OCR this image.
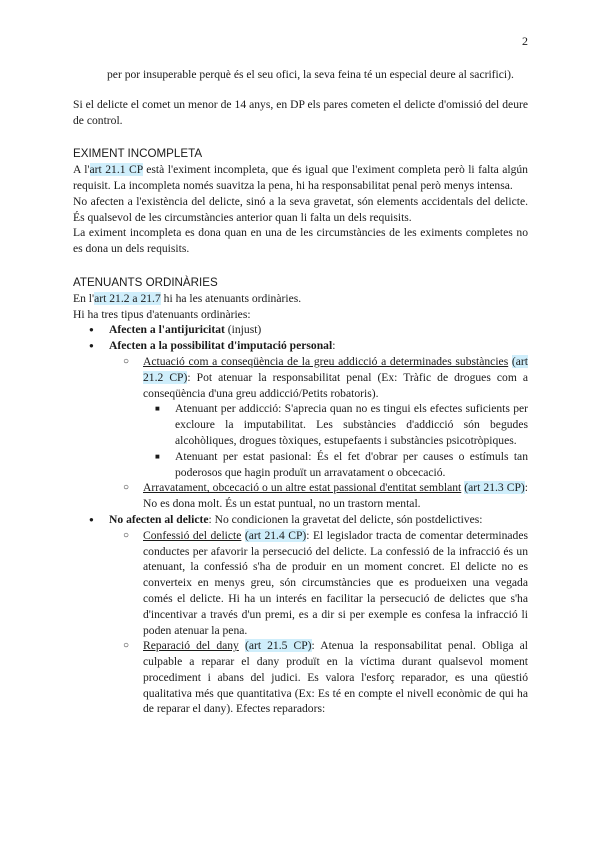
2

per por insuperable perquè és el seu ofici, la seva feina té un especial deure al sacrifici).

Si el delicte el comet un menor de 14 anys, en DP els pares cometen el delicte d'omissió del deure de control.

EXIMENT INCOMPLETA

A l'art 21.1 CP està l'eximent incompleta, que és igual que l'eximent completa però li falta algún requisit. La incompleta només suavitza la pena, hi ha responsabilitat penal però menys intensa.

No afecten a l'existència del delicte, sinó a la seva gravetat, són elements accidentals del delicte. És qualsevol de les circumstàncies anterior quan li falta un dels requisits.

La eximent incompleta es dona quan en una de les circumstàncies de les eximents completes no es dona un dels requisits.

ATENUANTS ORDINÀRIES

En l'art 21.2 a 21.7 hi ha les atenuants ordinàries.

Hi ha tres tipus d'atenuants ordinàries:

● Afecten a l'antijuricitat (injust)
● Afecten a la possibilitat d'imputació personal:

○ Actuació com a conseqüència de la greu addicció a determinades substàncies (art 21.2 CP): Pot atenuar la responsabilitat penal (Ex: Tràfic de drogues com a conseqüència d'una greu addicció/Petits robatoris).

■ Atenuant per addicció: S'aprecia quan no es tingui els efectes suficients per excloure la imputabilitat. Les substàncies d'addicció són begudes alcohòliques, drogues tòxiques, estupefaents i substàncies psicotròpiques.

■ Atenuant per estat pasional: És el fet d'obrar per causes o estímuls tan poderosos que hagin produït un arravatament o obcecació.

○ Arravatament, obcecació o un altre estat passional d'entitat semblant (art 21.3 CP): No es dona molt. És un estat puntual, no un trastorn mental.

● No afecten al delicte: No condicionen la gravetat del delicte, són postdelictives:

○ Confessió del delicte (art 21.4 CP): El legislador tracta de comentar determinades conductes per afavorir la persecució del delicte. La confessió de la infracció és un atenuant, la confessió s'ha de produir en un moment concret. El delicte no es converteix en menys greu, són circumstàncies que es produeixen una vegada comés el delicte. Hi ha un interés en facilitar la persecució de delictes que s'ha d'incentivar a través d'un premi, es a dir si per exemple es confesa la infracció li poden atenuar la pena.

○ Reparació del dany (art 21.5 CP): Atenua la responsabilitat penal. Obliga al culpable a reparar el dany produït en la víctima durant qualsevol moment procediment i abans del judici. Es valora l'esforç reparador, es una qüestió qualitativa més que quantitativa (Ex: Es té en compte el nivell econòmic de qui ha de reparar el dany). Efectes reparadors:
